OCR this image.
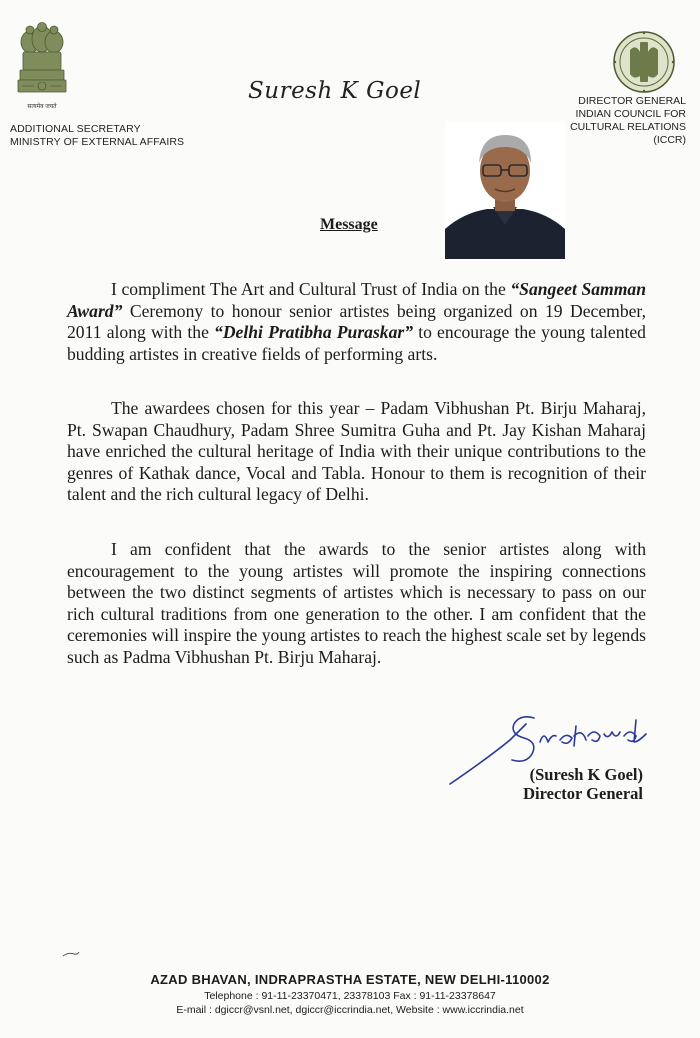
सत्यमेव जयते
ADDITIONAL SECRETARY
MINISTRY OF EXTERNAL AFFAIRS
Suresh K Goel	DIRECTOR GENERAL
INDIAN COUNCIL FOR
CULTURAL RELATIONS
(ICCR)
Message

I compliment The Art and Cultural Trust of India on the “Sangeet Samman Award” Ceremony to honour senior artistes being organized on 19 December, 2011 along with the “Delhi Pratibha Puraskar” to encourage the young talented budding artistes in creative fields of performing arts.

The awardees chosen for this year – Padam Vibhushan Pt. Birju Maharaj, Pt. Swapan Chaudhury, Padam Shree Sumitra Guha and Pt. Jay Kishan Maharaj have enriched the cultural heritage of India with their unique contributions to the genres of Kathak dance, Vocal and Tabla. Honour to them is recognition of their talent and the rich cultural legacy of Delhi.

I am confident that the awards to the senior artistes along with encouragement to the young artistes will promote the inspiring connections between the two distinct segments of artistes which is necessary to pass on our rich cultural traditions from one generation to the other. I am confident that the ceremonies will inspire the young artistes to reach the highest scale set by legends such as Padma Vibhushan Pt. Birju Maharaj.

(Suresh K Goel)
Director General
AZAD BHAVAN, INDRAPRASTHA ESTATE, NEW DELHI-110002
Telephone : 91-11-23370471, 23378103 Fax : 91-11-23378647
E-mail : dgiccr@vsnl.net, dgiccr@iccrindia.net, Website : www.iccrindia.net
